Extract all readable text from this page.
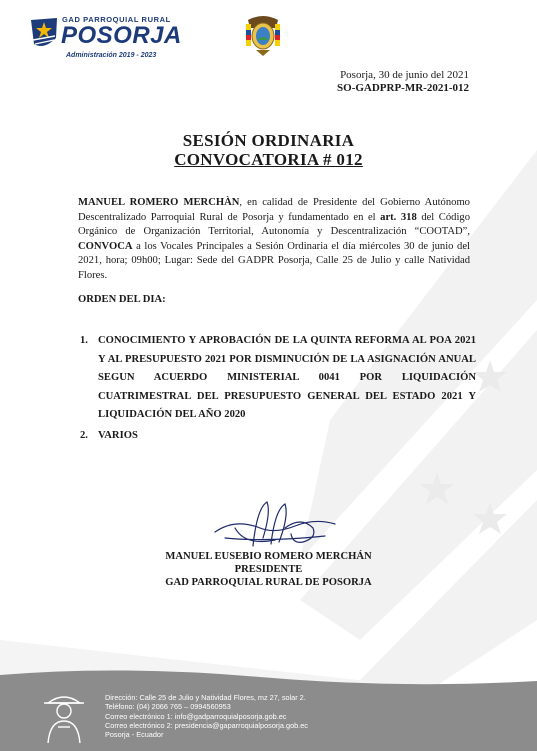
GAD PARROQUIAL RURAL
POSORJA
Administración 2019 - 2023
Posorja, 30 de junio del 2021
SO-GADPRP-MR-2021-012
SESIÓN ORDINARIA
CONVOCATORIA # 012
MANUEL ROMERO MERCHÀN, en calidad de Presidente del Gobierno Autónomo Descentralizado Parroquial Rural de Posorja y fundamentado en el art. 318 del Código Orgánico de Organización Territorial, Autonomía y Descentralización “COOTAD”, CONVOCA a los Vocales Principales a Sesión Ordinaria el día miércoles 30 de junio del 2021, hora; 09h00; Lugar: Sede del GADPR Posorja, Calle 25 de Julio y calle Natividad Flores.
ORDEN DEL DIA:
1. CONOCIMIENTO Y APROBACIÓN DE LA QUINTA REFORMA AL POA 2021 Y AL PRESUPUESTO 2021 POR DISMINUCIÓN DE LA ASIGNACIÓN ANUAL SEGUN ACUERDO MINISTERIAL 0041 POR LIQUIDACIÓN CUATRIMESTRAL DEL PRESUPUESTO GENERAL DEL ESTADO 2021 Y LIQUIDACIÓN DEL AÑO 2020
2. VARIOS
MANUEL EUSEBIO ROMERO MERCHÁN
PRESIDENTE
GAD PARROQUIAL RURAL DE POSORJA
Dirección: Calle 25 de Julio y Natividad Flores, mz 27, solar 2.
Teléfono: (04) 2066 765 – 0994560953
Correo electrónico 1: info@gadparroquialposorja.gob.ec
Correo electrónico 2: presidencia@gaparroquialposorja.gob.ec
Posorja - Ecuador
